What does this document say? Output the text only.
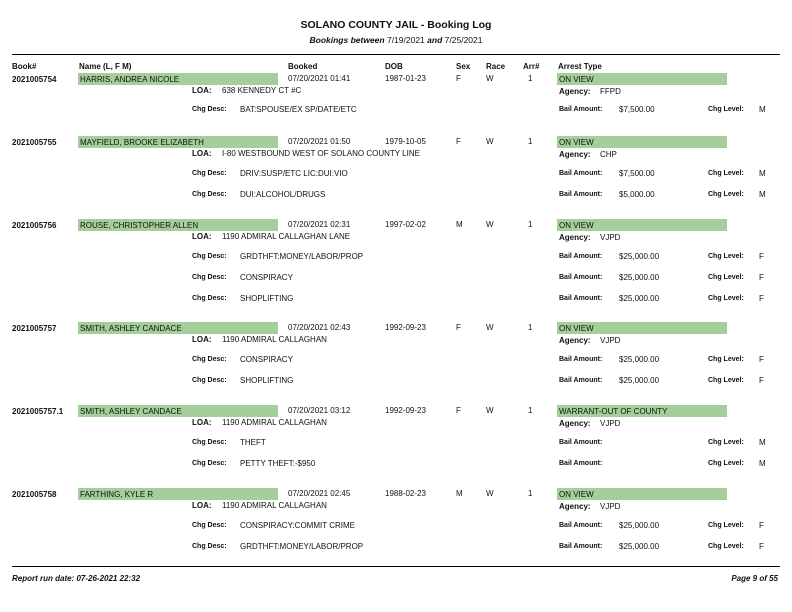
SOLANO COUNTY JAIL - Booking Log
Bookings between 7/19/2021 and 7/25/2021
Book#	Name (L, F M)	Booked	DOB	Sex Race Arr# Arrest Type
2021005754	HARRIS, ANDREA NICOLE	07/20/2021 01:41	1987-01-23	F	W	1	ON VIEW
LOA: 638 KENNEDY CT #C	Agency: FFPD
Chg Desc: BAT:SPOUSE/EX SP/DATE/ETC	Bail Amount: $7,500.00	Chg Level: M
2021005755	MAYFIELD, BROOKE ELIZABETH	07/20/2021 01:50	1979-10-05	F	W	1	ON VIEW
LOA: I-80 WESTBOUND WEST OF SOLANO COUNTY LINE	Agency: CHP
Chg Desc: DRIV:SUSP/ETC LIC:DUI:VIO	Bail Amount: $7,500.00	Chg Level: M
Chg Desc: DUI:ALCOHOL/DRUGS	Bail Amount: $5,000.00	Chg Level: M
2021005756	ROUSE, CHRISTOPHER ALLEN	07/20/2021 02:31	1997-02-02	M	W	1	ON VIEW
LOA: 1190 ADMIRAL CALLAGHAN LANE	Agency: VJPD
Chg Desc: GRDTHFT:MONEY/LABOR/PROP	Bail Amount: $25,000.00	Chg Level: F
Chg Desc: CONSPIRACY	Bail Amount: $25,000.00	Chg Level: F
Chg Desc: SHOPLIFTING	Bail Amount: $25,000.00	Chg Level: F
2021005757	SMITH, ASHLEY CANDACE	07/20/2021 02:43	1992-09-23	F	W	1	ON VIEW
LOA: 1190 ADMIRAL CALLAGHAN	Agency: VJPD
Chg Desc: CONSPIRACY	Bail Amount: $25,000.00	Chg Level: F
Chg Desc: SHOPLIFTING	Bail Amount: $25,000.00	Chg Level: F
2021005757.1 SMITH, ASHLEY CANDACE	07/20/2021 03:12	1992-09-23	F	W	1	WARRANT-OUT OF COUNTY
LOA: 1190 ADMIRAL CALLAGHAN	Agency: VJPD
Chg Desc: THEFT	Bail Amount:	Chg Level: M
Chg Desc: PETTY THEFT:-$950	Bail Amount:	Chg Level: M
2021005758	FARTHING, KYLE R	07/20/2021 02:45	1988-02-23	M	W	1	ON VIEW
LOA: 1190 ADMIRAL CALLAGHAN	Agency: VJPD
Chg Desc: CONSPIRACY:COMMIT CRIME	Bail Amount: $25,000.00	Chg Level: F
Chg Desc: GRDTHFT:MONEY/LABOR/PROP	Bail Amount: $25,000.00	Chg Level: F
Report run date: 07-26-2021 22:32	Page 9 of 55
